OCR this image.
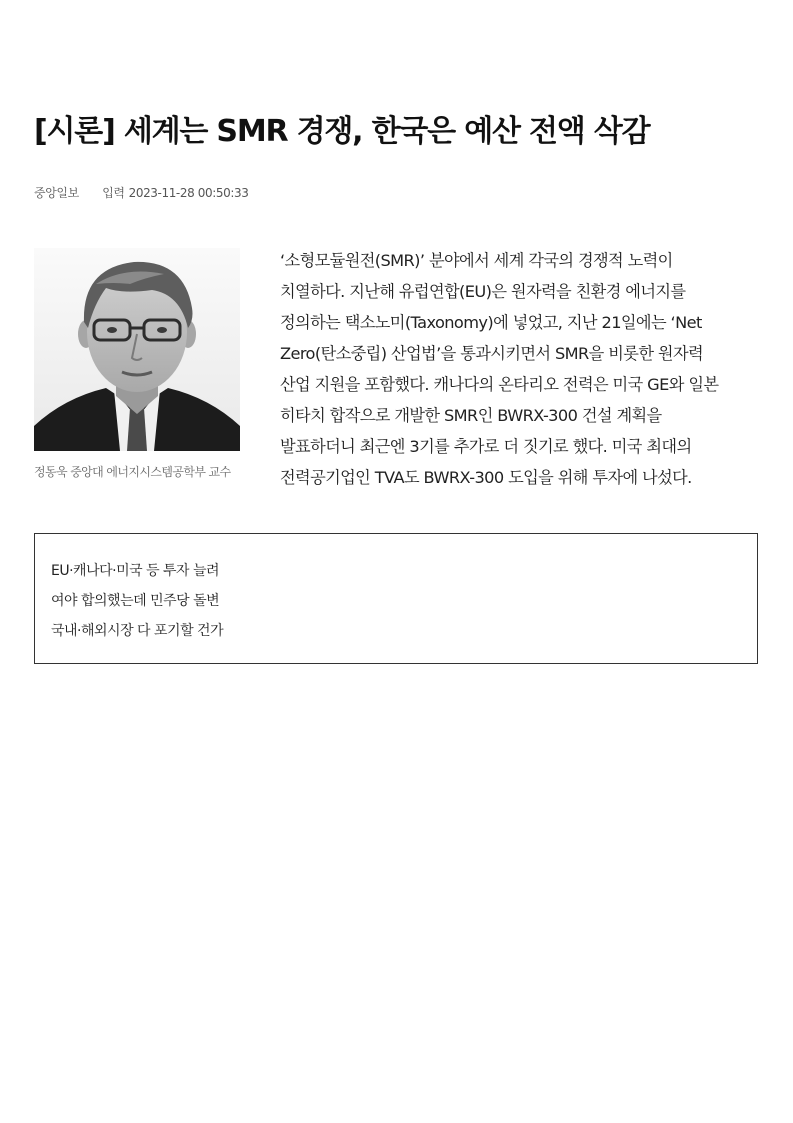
[시론] 세계는 SMR 경쟁, 한국은 예산 전액 삭감
중앙일보 입력 2023-11-28 00:50:33
정동욱 중앙대 에너지시스템공학부 교수
‘소형모듈원전(SMR)’ 분야에서 세계 각국의 경쟁적 노력이
치열하다. 지난해 유럽연합(EU)은 원자력을 친환경 에너지를
정의하는 택소노미(Taxonomy)에 넣었고, 지난 21일에는 ‘Net
Zero(탄소중립) 산업법’을 통과시키면서 SMR을 비롯한 원자력
산업 지원을 포함했다. 캐나다의 온타리오 전력은 미국 GE와 일본
히타치 합작으로 개발한 SMR인 BWRX-300 건설 계획을
발표하더니 최근엔 3기를 추가로 더 짓기로 했다. 미국 최대의
전력공기업인 TVA도 BWRX-300 도입을 위해 투자에 나섰다.
EU·캐나다·미국 등 투자 늘려
여야 합의했는데 민주당 돌변
국내·해외시장 다 포기할 건가
